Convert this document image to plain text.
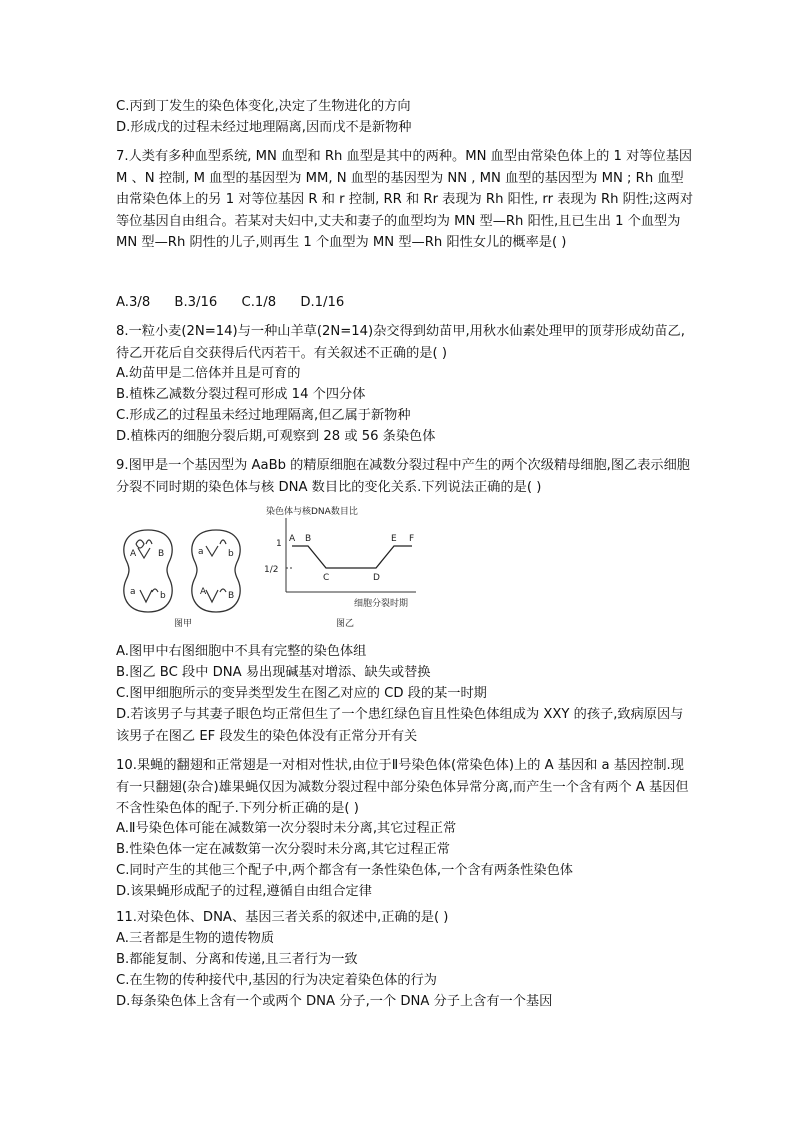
C.丙到丁发生的染色体变化,决定了生物进化的方向
D.形成戊的过程未经过地理隔离,因而戊不是新物种
7.人类有多种血型系统, MN 血型和 Rh 血型是其中的两种。MN 血型由常染色体上的 1 对等位基因 M 、N 控制, M 血型的基因型为 MM, N 血型的基因型为 NN , MN 血型的基因型为 MN ; Rh 血型由常染色体上的另 1 对等位基因 R 和 r 控制, RR 和 Rr 表现为 Rh 阳性, rr 表现为 Rh 阴性;这两对等位基因自由组合。若某对夫妇中,丈夫和妻子的血型均为 MN 型—Rh 阳性,且已生出 1 个血型为 MN 型—Rh 阴性的儿子,则再生 1 个血型为 MN 型—Rh 阳性女儿的概率是( )
A.3/8 B.3/16 C.1/8 D.1/16
8.一粒小麦(2N=14)与一种山羊草(2N=14)杂交得到幼苗甲,用秋水仙素处理甲的顶芽形成幼苗乙,待乙开花后自交获得后代丙若干。有关叙述不正确的是( )
A.幼苗甲是二倍体并且是可育的
B.植株乙减数分裂过程可形成 14 个四分体
C.形成乙的过程虽未经过地理隔离,但乙属于新物种
D.植株丙的细胞分裂后期,可观察到 28 或 56 条染色体
9.图甲是一个基因型为 AaBb 的精原细胞在减数分裂过程中产生的两个次级精母细胞,图乙表示细胞分裂不同时期的染色体与核 DNA 数目比的变化关系.下列说法正确的是( )
A B
a	b
a	b
A B
图甲
染色体与核DNA数目比
1
1/2
A B
C	D
E F
细胞分裂时期
图乙
A.图甲中右图细胞中不具有完整的染色体组
B.图乙 BC 段中 DNA 易出现碱基对增添、缺失或替换
C.图甲细胞所示的变异类型发生在图乙对应的 CD 段的某一时期
D.若该男子与其妻子眼色均正常但生了一个患红绿色盲且性染色体组成为 XXY 的孩子,致病原因与该男子在图乙 EF 段发生的染色体没有正常分开有关
10.果蝇的翻翅和正常翅是一对相对性状,由位于Ⅱ号染色体(常染色体)上的 A 基因和 a 基因控制.现有一只翻翅(杂合)雄果蝇仅因为减数分裂过程中部分染色体异常分离,而产生一个含有两个 A 基因但不含性染色体的配子.下列分析正确的是( )
A.Ⅱ号染色体可能在减数第一次分裂时未分离,其它过程正常
B.性染色体一定在减数第一次分裂时未分离,其它过程正常
C.同时产生的其他三个配子中,两个都含有一条性染色体,一个含有两条性染色体
D.该果蝇形成配子的过程,遵循自由组合定律
11.对染色体、DNA、基因三者关系的叙述中,正确的是( )
A.三者都是生物的遗传物质
B.都能复制、分离和传递,且三者行为一致
C.在生物的传种接代中,基因的行为决定着染色体的行为
D.每条染色体上含有一个或两个 DNA 分子,一个 DNA 分子上含有一个基因
